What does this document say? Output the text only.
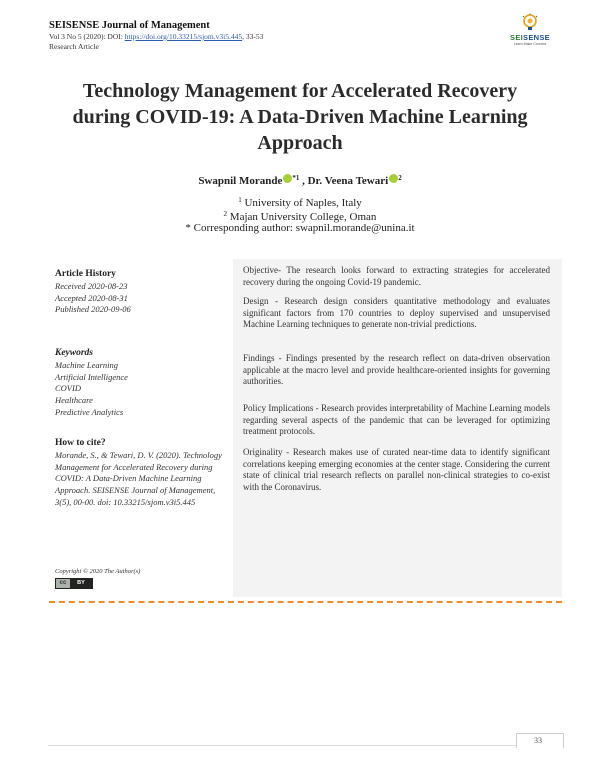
SEISENSE Journal of Management
Vol 3 No 5 (2020): DOI: https://doi.org/10.33215/sjom.v3i5.445, 33-53
Research Article
SEISENSE
Learn Make Connect
Technology Management for Accelerated Recovery during COVID-19: A Data-Driven Machine Learning Approach
Swapnil Morande $^{*1}$ , Dr. Veena Tewari $^2$
$^1$ University of Naples, Italy
$^2$ Majan University College, Oman
* Corresponding author: swapnil.morande@unina.it
Article History
Received 2020-08-23
Accepted 2020-08-31
Published 2020-09-06
Keywords
Machine Learning
Artificial Intelligence
COVID
Healthcare
Predictive Analytics
How to cite?
Morande, S., & Tewari, D. V. (2020). Technology Management for Accelerated Recovery during COVID: A Data-Driven Machine Learning Approach. SEISENSE Journal of Management, 3(5), 00-00. doi: 10.33215/sjom.v3i5.445
Copyright © 2020 The Author(s)
cc	BY

Objective- The research looks forward to extracting strategies for accelerated recovery during the ongoing Covid-19 pandemic.

Design - Research design considers quantitative methodology and evaluates significant factors from 170 countries to deploy supervised and unsupervised Machine Learning techniques to generate non-trivial predictions.

Findings - Findings presented by the research reflect on data-driven observation applicable at the macro level and provide healthcare-oriented insights for governing authorities.

Policy Implications - Research provides interpretability of Machine Learning models regarding several aspects of the pandemic that can be leveraged for optimizing treatment protocols.

Originality - Research makes use of curated near-time data to identify significant correlations keeping emerging economies at the center stage. Considering the current state of clinical trial research reflects on parallel non-clinical strategies to co-exist with the Coronavirus.

33
